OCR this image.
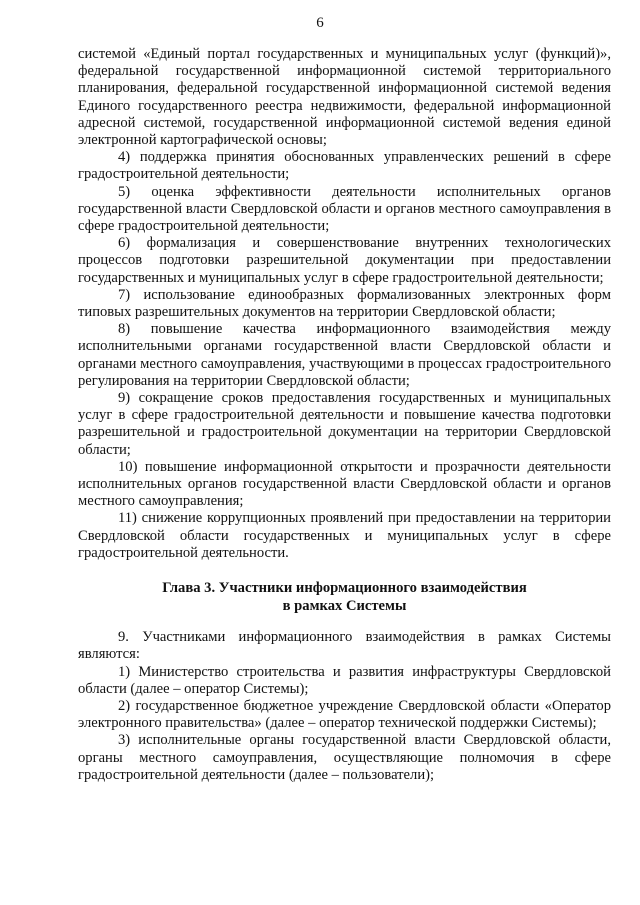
6

системой «Единый портал государственных и муниципальных услуг (функций)», федеральной государственной информационной системой территориального планирования, федеральной государственной информационной системой ведения Единого государственного реестра недвижимости, федеральной информационной адресной системой, государственной информационной системой ведения единой электронной картографической основы;

4) поддержка принятия обоснованных управленческих решений в сфере градостроительной деятельности;

5) оценка эффективности деятельности исполнительных органов государственной власти Свердловской области и органов местного самоуправления в сфере градостроительной деятельности;

6) формализация и совершенствование внутренних технологических процессов подготовки разрешительной документации при предоставлении государственных и муниципальных услуг в сфере градостроительной деятельности;

7) использование единообразных формализованных электронных форм типовых разрешительных документов на территории Свердловской области;

8) повышение качества информационного взаимодействия между исполнительными органами государственной власти Свердловской области и органами местного самоуправления, участвующими в процессах градостроительного регулирования на территории Свердловской области;

9) сокращение сроков предоставления государственных и муниципальных услуг в сфере градостроительной деятельности и повышение качества подготовки разрешительной и градостроительной документации на территории Свердловской области;

10) повышение информационной открытости и прозрачности деятельности исполнительных органов государственной власти Свердловской области и органов местного самоуправления;

11) снижение коррупционных проявлений при предоставлении на территории Свердловской области государственных и муниципальных услуг в сфере градостроительной деятельности.

Глава 3. Участники информационного взаимодействия
в рамках Системы

9. Участниками информационного взаимодействия в рамках Системы являются:

1) Министерство строительства и развития инфраструктуры Свердловской области (далее – оператор Системы);

2) государственное бюджетное учреждение Свердловской области «Оператор электронного правительства» (далее – оператор технической поддержки Системы);

3) исполнительные органы государственной власти Свердловской области, органы местного самоуправления, осуществляющие полномочия в сфере градостроительной деятельности (далее – пользователи);
